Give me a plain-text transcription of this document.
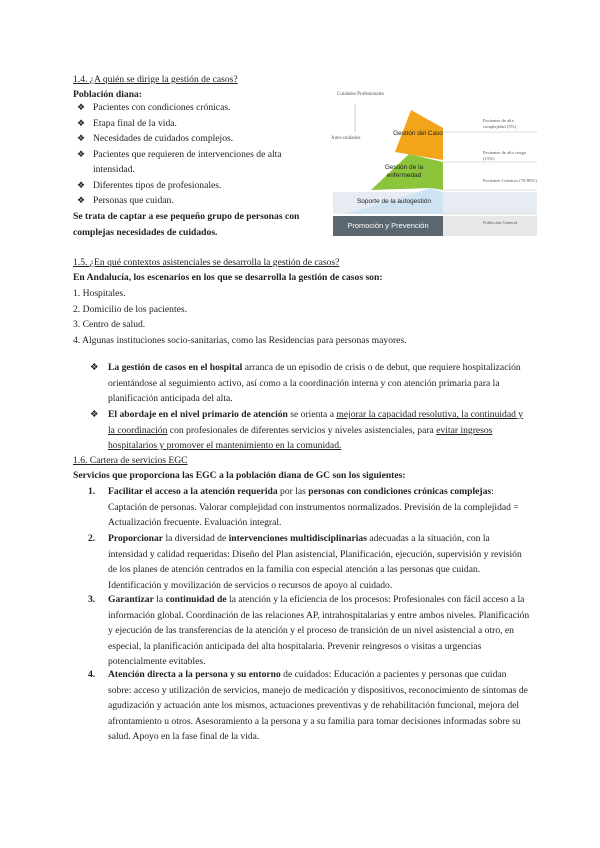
1.4. ¿A quién se dirige la gestión de casos?
Población diana:
❖ Pacientes con condiciones crónicas.
❖ Etapa final de la vida.
❖ Necesidades de cuidados complejos.
❖ Pacientes que requieren de intervenciones de alta intensidad.
❖ Diferentes tipos de profesionales.
❖ Personas que cuidan.
Se trata de captar a ese pequeño grupo de personas con complejas necesidades de cuidados.
Cuidados Profesionales
Auto-cuidados
Gestión del Caso
Gestión de la enfermedad
Soporte de la autogestión
Promoción y Prevención
Pacientes de alta complejidad (5%)
Pacientes de alto riesgo (15%)
Pacientes Crónicos (70-80%)
Población General
1.5. ¿En qué contextos asistenciales se desarrolla la gestión de casos?
En Andalucía, los escenarios en los que se desarrolla la gestión de casos son:
1. Hospitales.
2. Domicilio de los pacientes.
3. Centro de salud.
4. Algunas instituciones socio-sanitarias, como las Residencias para personas mayores.
❖ La gestión de casos en el hospital arranca de un episodio de crisis o de debut, que requiere hospitalización orientándose al seguimiento activo, así como a la coordinación interna y con atención primaria para la planificación anticipada del alta.
❖ El abordaje en el nivel primario de atención se orienta a mejorar la capacidad resolutiva, la continuidad y la coordinación con profesionales de diferentes servicios y niveles asistenciales, para evitar ingresos hospitalarios y promover el mantenimiento en la comunidad.
1.6. Cartera de servicios EGC
Servicios que proporciona las EGC a la población diana de GC son los siguientes:
1.	Facilitar el acceso a la atención requerida por las personas con condiciones crónicas complejas: Captación de personas. Valorar complejidad con instrumentos normalizados. Previsión de la complejidad = Actualización frecuente. Evaluación integral.
2.	Proporcionar la diversidad de intervenciones multidisciplinarias adecuadas a la situación, con la intensidad y calidad requeridas: Diseño del Plan asistencial, Planificación, ejecución, supervisión y revisión de los planes de atención centrados en la familia con especial atención a las personas que cuidan. Identificación y movilización de servicios o recursos de apoyo al cuidado.
3.	Garantizar la continuidad de la atención y la eficiencia de los procesos: Profesionales con fácil acceso a la información global. Coordinación de las relaciones AP, intrahospitalarias y entre ambos niveles. Planificación y ejecución de las transferencias de la atención y el proceso de transición de un nivel asistencial a otro, en especial, la planificación anticipada del alta hospitalaria. Prevenir reingresos o visitas a urgencias potencialmente evitables.
4.	Atención directa a la persona y su entorno de cuidados: Educación a pacientes y personas que cuidan sobre: acceso y utilización de servicios, manejo de medicación y dispositivos, reconocimiento de síntomas de agudización y actuación ante los mismos, actuaciones preventivas y de rehabilitación funcional, mejora del afrontamiento u otros. Asesoramiento a la persona y a su familia para tomar decisiones informadas sobre su salud. Apoyo en la fase final de la vida.
